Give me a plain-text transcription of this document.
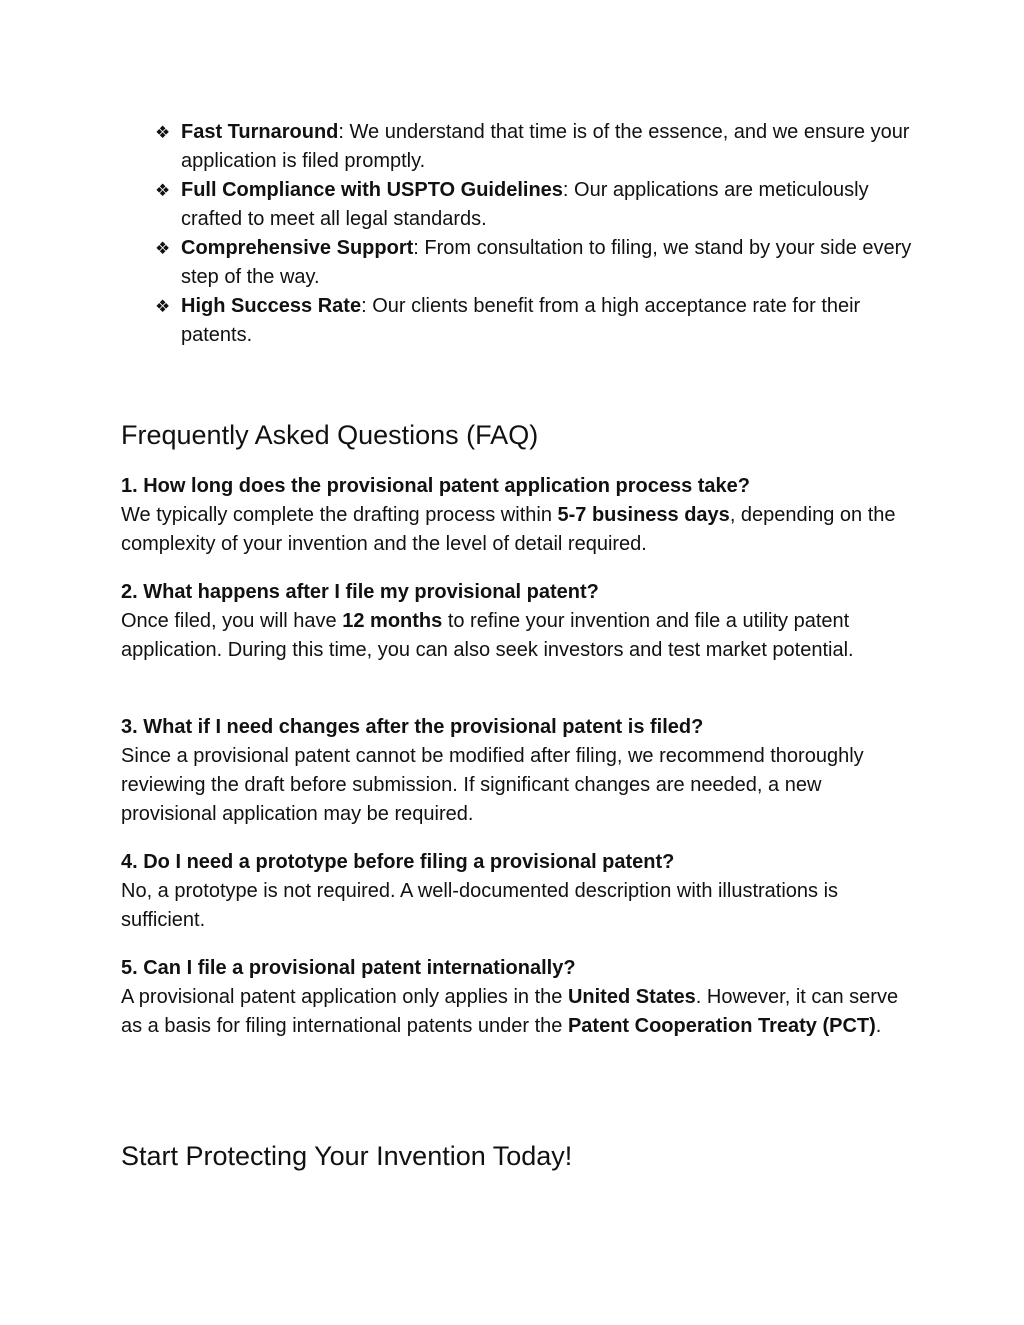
❖ Fast Turnaround: We understand that time is of the essence, and we ensure your application is filed promptly.
❖ Full Compliance with USPTO Guidelines: Our applications are meticulously crafted to meet all legal standards.
❖ Comprehensive Support: From consultation to filing, we stand by your side every step of the way.
❖ High Success Rate: Our clients benefit from a high acceptance rate for their patents.
Frequently Asked Questions (FAQ)

1. How long does the provisional patent application process take?

We typically complete the drafting process within 5-7 business days, depending on the complexity of your invention and the level of detail required.

2. What happens after I file my provisional patent?

Once filed, you will have 12 months to refine your invention and file a utility patent application. During this time, you can also seek investors and test market potential.

3. What if I need changes after the provisional patent is filed?

Since a provisional patent cannot be modified after filing, we recommend thoroughly reviewing the draft before submission. If significant changes are needed, a new provisional application may be required.

4. Do I need a prototype before filing a provisional patent?

No, a prototype is not required. A well-documented description with illustrations is sufficient.

5. Can I file a provisional patent internationally?

A provisional patent application only applies in the United States. However, it can serve as a basis for filing international patents under the Patent Cooperation Treaty (PCT).

Start Protecting Your Invention Today!
